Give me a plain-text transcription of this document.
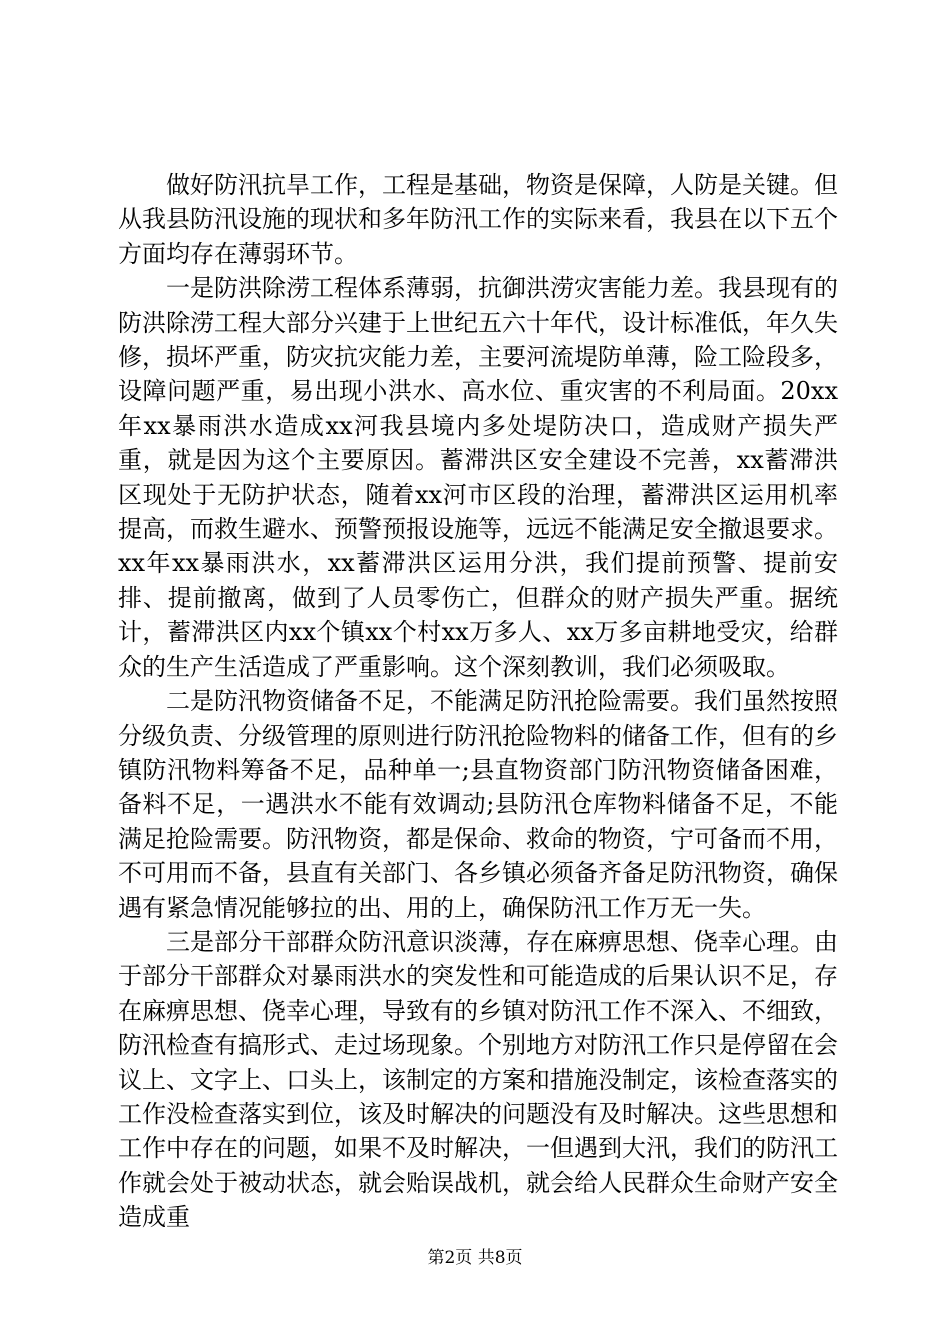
做好防汛抗旱工作，工程是基础，物资是保障，人防是关键。但从我县防汛设施的现状和多年防汛工作的实际来看，我县在以下五个方面均存在薄弱环节。

一是防洪除涝工程体系薄弱，抗御洪涝灾害能力差。我县现有的防洪除涝工程大部分兴建于上世纪五六十年代，设计标准低，年久失修，损坏严重，防灾抗灾能力差，主要河流堤防单薄，险工险段多，设障问题严重，易出现小洪水、高水位、重灾害的不利局面。20xx年xx暴雨洪水造成xx河我县境内多处堤防决口，造成财产损失严重，就是因为这个主要原因。蓄滞洪区安全建设不完善，xx蓄滞洪区现处于无防护状态，随着xx河市区段的治理，蓄滞洪区运用机率提高，而救生避水、预警预报设施等，远远不能满足安全撤退要求。xx年xx暴雨洪水，xx蓄滞洪区运用分洪，我们提前预警、提前安排、提前撤离，做到了人员零伤亡，但群众的财产损失严重。据统计，蓄滞洪区内xx个镇xx个村xx万多人、xx万多亩耕地受灾，给群众的生产生活造成了严重影响。这个深刻教训，我们必须吸取。

二是防汛物资储备不足，不能满足防汛抢险需要。我们虽然按照分级负责、分级管理的原则进行防汛抢险物料的储备工作，但有的乡镇防汛物料筹备不足，品种单一;县直物资部门防汛物资储备困难，备料不足，一遇洪水不能有效调动;县防汛仓库物料储备不足，不能满足抢险需要。防汛物资，都是保命、救命的物资，宁可备而不用，不可用而不备，县直有关部门、各乡镇必须备齐备足防汛物资，确保遇有紧急情况能够拉的出、用的上，确保防汛工作万无一失。

三是部分干部群众防汛意识淡薄，存在麻痹思想、侥幸心理。由于部分干部群众对暴雨洪水的突发性和可能造成的后果认识不足，存在麻痹思想、侥幸心理，导致有的乡镇对防汛工作不深入、不细致，防汛检查有搞形式、走过场现象。个别地方对防汛工作只是停留在会议上、文字上、口头上，该制定的方案和措施没制定，该检查落实的工作没检查落实到位，该及时解决的问题没有及时解决。这些思想和工作中存在的问题，如果不及时解决，一但遇到大汛，我们的防汛工作就会处于被动状态，就会贻误战机，就会给人民群众生命财产安全造成重

第2页 共8页
